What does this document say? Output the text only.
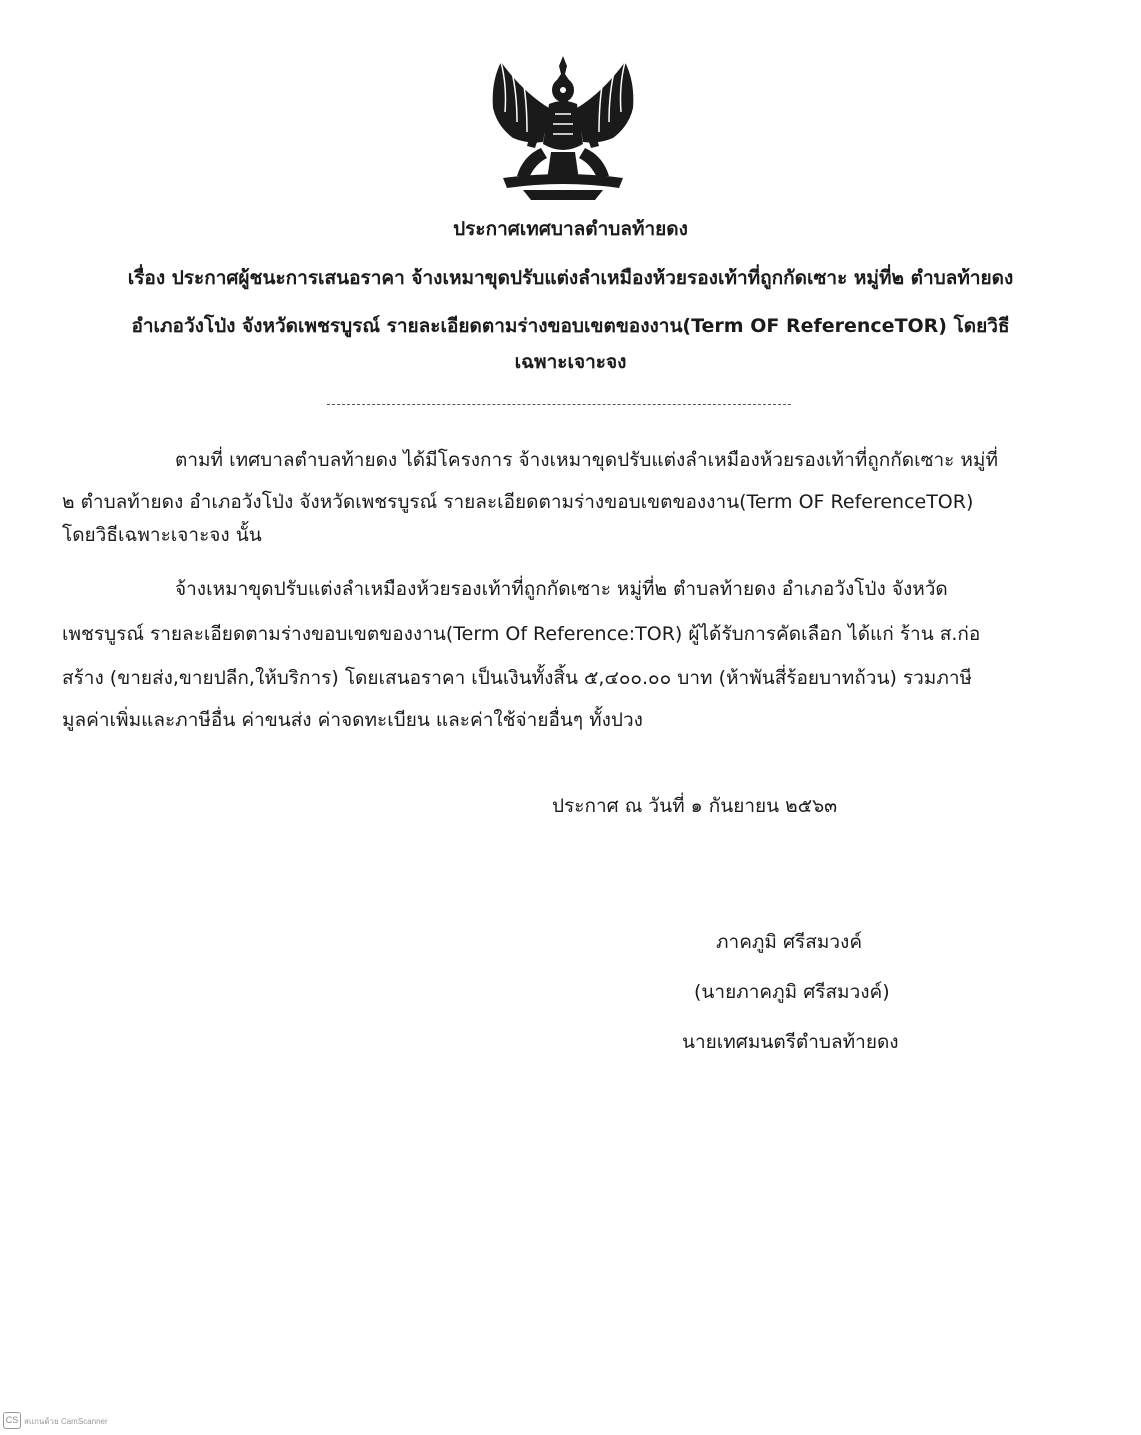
ประกาศเทศบาลตำบลท้ายดง
เรื่อง ประกาศผู้ชนะการเสนอราคา จ้างเหมาขุดปรับแต่งลำเหมืองห้วยรองเท้าที่ถูกกัดเซาะ หมู่ที่๒ ตำบลท้ายดง
อำเภอวังโป่ง จังหวัดเพชรบูรณ์ รายละเอียดตามร่างขอบเขตของงาน(Term OF ReferenceTOR) โดยวิธี
เฉพาะเจาะจง
ตามที่ เทศบาลตำบลท้ายดง ได้มีโครงการ จ้างเหมาขุดปรับแต่งลำเหมืองห้วยรองเท้าที่ถูกกัดเซาะ หมู่ที่
๒ ตำบลท้ายดง อำเภอวังโป่ง จังหวัดเพชรบูรณ์ รายละเอียดตามร่างขอบเขตของงาน(Term OF ReferenceTOR)
โดยวิธีเฉพาะเจาะจง นั้น
จ้างเหมาขุดปรับแต่งลำเหมืองห้วยรองเท้าที่ถูกกัดเซาะ หมู่ที่๒ ตำบลท้ายดง อำเภอวังโป่ง จังหวัด
เพชรบูรณ์ รายละเอียดตามร่างขอบเขตของงาน(Term Of Reference:TOR) ผู้ได้รับการคัดเลือก ได้แก่ ร้าน ส.ก่อ
สร้าง (ขายส่ง,ขายปลีก,ให้บริการ) โดยเสนอราคา เป็นเงินทั้งสิ้น ๕,๔๐๐.๐๐ บาท (ห้าพันสี่ร้อยบาทถ้วน) รวมภาษี
มูลค่าเพิ่มและภาษีอื่น ค่าขนส่ง ค่าจดทะเบียน และค่าใช้จ่ายอื่นๆ ทั้งปวง
ประกาศ ณ วันที่ ๑ กันยายน ๒๕๖๓
ภาคภูมิ ศรีสมวงค์
(นายภาคภูมิ ศรีสมวงค์)
นายเทศมนตรีตำบลท้ายดง
CS สแกนด้วย CamScanner
